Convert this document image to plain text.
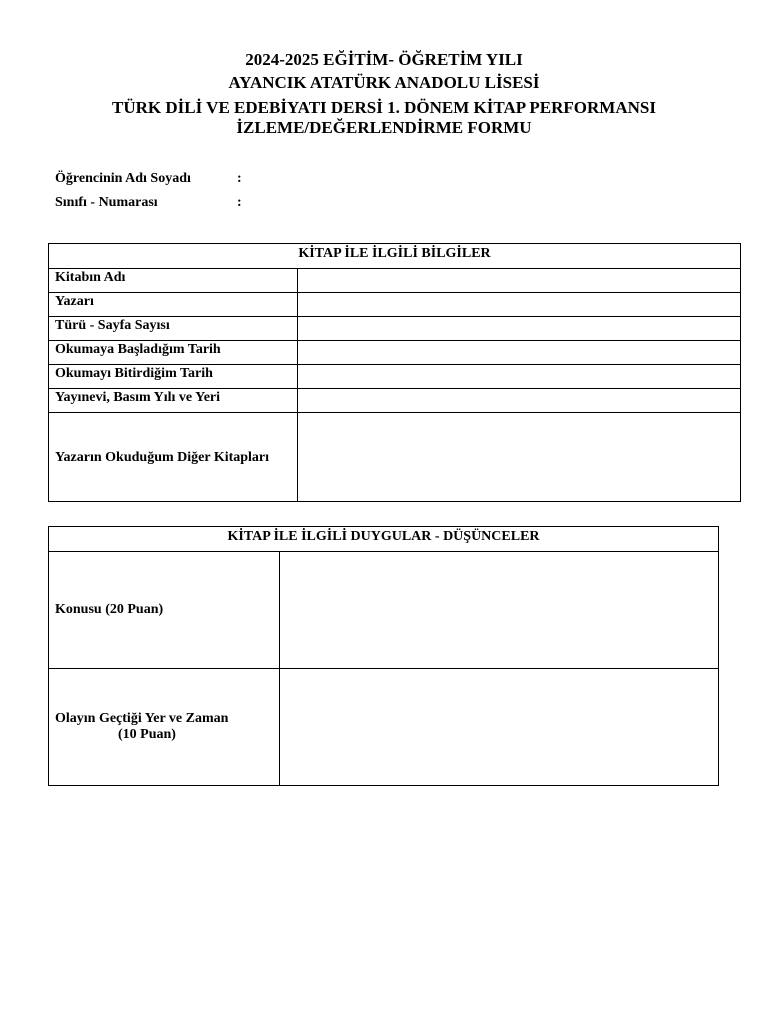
2024-2025 EĞİTİM- ÖĞRETİM YILI
AYANCIK ATATÜRK ANADOLU LİSESİ
TÜRK DİLİ VE EDEBİYATI DERSİ 1. DÖNEM KİTAP PERFORMANSI
İZLEME/DEĞERLENDİRME FORMU
Öğrencinin Adı Soyadı	:
Sınıfı - Numarası	:
KİTAP İLE İLGİLİ BİLGİLER	
Kitabın Adı	
Yazarı	
Türü - Sayfa Sayısı	
Okumaya Başladığım Tarih	
Okumayı Bitirdiğim Tarih	
Yayınevi, Basım Yılı ve Yeri	
Yazarın Okuduğum Diğer Kitapları	
KİTAP İLE İLGİLİ DUYGULAR - DÜŞÜNCELER	
Konusu (20 Puan)	
Olayın Geçtiği Yer ve Zaman
(10 Puan)	
